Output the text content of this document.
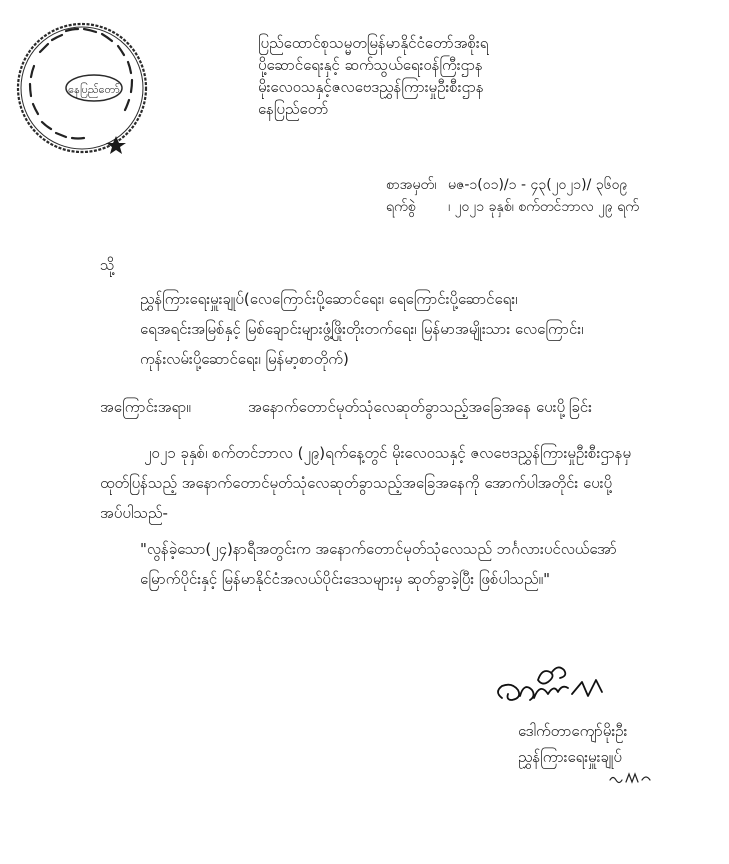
နေပြည်တော်
ပြည်ထောင်စုသမ္မတမြန်မာနိုင်ငံတော်အစိုးရ
ပို့ဆောင်ရေးနှင့် ဆက်သွယ်ရေးဝန်ကြီးဌာန
မိုးလေဝသနှင့်ဇလဗေဒညွှန်ကြားမှုဦးစီးဌာန
နေပြည်တော်
စာအမှတ်၊ မဇ-၁(၀၁)/၁ - ၄၃(၂၀၂၁)/ ၃၆၀၉
ရက်စွဲ	၊ ၂၀၂၁ ခုနှစ်၊ စက်တင်ဘာလ ၂၉ ရက်
သို့
ညွှန်ကြားရေးမှူးချုပ်(လေကြောင်းပို့ဆောင်ရေး၊ ရေကြောင်းပို့ဆောင်ရေး၊
ရေအရင်းအမြစ်နှင့် မြစ်ချောင်းများဖွံ့ဖြိုးတိုးတက်ရေး၊ မြန်မာအမျိုးသား လေကြောင်း၊
ကုန်းလမ်းပို့ဆောင်ရေး၊ မြန်မာ့စာတိုက်)
အကြောင်းအရာ။	အနောက်တောင်မုတ်သုံလေဆုတ်ခွာသည့်အခြေအနေ ပေးပို့ခြင်း
၂၀၂၁ ခုနှစ်၊ စက်တင်ဘာလ (၂၉)ရက်နေ့တွင် မိုးလေဝသနှင့် ဇလဗေဒညွှန်ကြားမှုဦးစီးဌာနမှ
ထုတ်ပြန်သည့် အနောက်တောင်မုတ်သုံလေဆုတ်ခွာသည့်အခြေအနေကို အောက်ပါအတိုင်း ပေးပို့
အပ်ပါသည်-
"လွန်ခဲ့သော(၂၄)နာရီအတွင်းက အနောက်တောင်မုတ်သုံလေသည် ဘင်္ဂလားပင်လယ်အော်
မြောက်ပိုင်းနှင့် မြန်မာနိုင်ငံအလယ်ပိုင်းဒေသများမှ ဆုတ်ခွာခဲ့ပြီး ဖြစ်ပါသည်။"
ဒေါက်တာကျော်မိုးဦး
ညွှန်ကြားရေးမှူးချုပ်
